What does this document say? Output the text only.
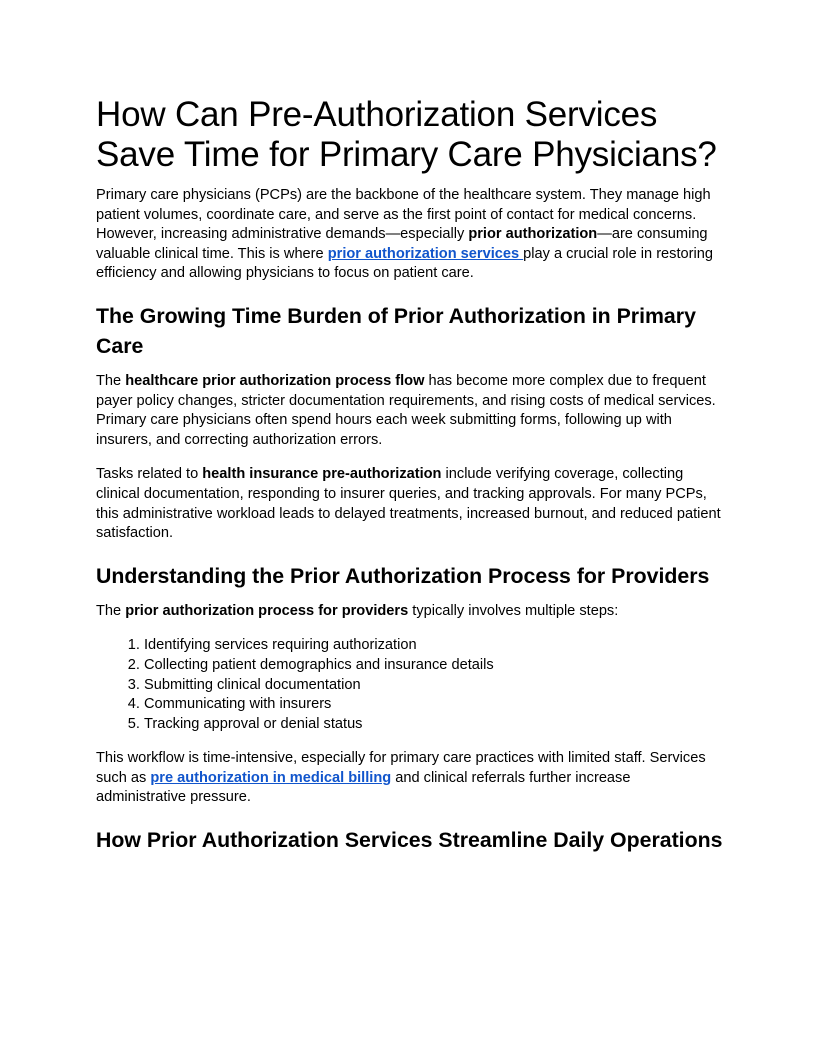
How Can Pre-Authorization Services Save Time for Primary Care Physicians?

Primary care physicians (PCPs) are the backbone of the healthcare system. They manage high patient volumes, coordinate care, and serve as the first point of contact for medical concerns. However, increasing administrative demands—especially prior authorization—are consuming valuable clinical time. This is where prior authorization services play a crucial role in restoring efficiency and allowing physicians to focus on patient care.

The Growing Time Burden of Prior Authorization in Primary Care

The healthcare prior authorization process flow has become more complex due to frequent payer policy changes, stricter documentation requirements, and rising costs of medical services. Primary care physicians often spend hours each week submitting forms, following up with insurers, and correcting authorization errors.

Tasks related to health insurance pre-authorization include verifying coverage, collecting clinical documentation, responding to insurer queries, and tracking approvals. For many PCPs, this administrative workload leads to delayed treatments, increased burnout, and reduced patient satisfaction.

Understanding the Prior Authorization Process for Providers

The prior authorization process for providers typically involves multiple steps:

1. Identifying services requiring authorization
2. Collecting patient demographics and insurance details
3. Submitting clinical documentation
4. Communicating with insurers
5. Tracking approval or denial status

This workflow is time-intensive, especially for primary care practices with limited staff. Services such as pre authorization in medical billing and clinical referrals further increase administrative pressure.

How Prior Authorization Services Streamline Daily Operations
